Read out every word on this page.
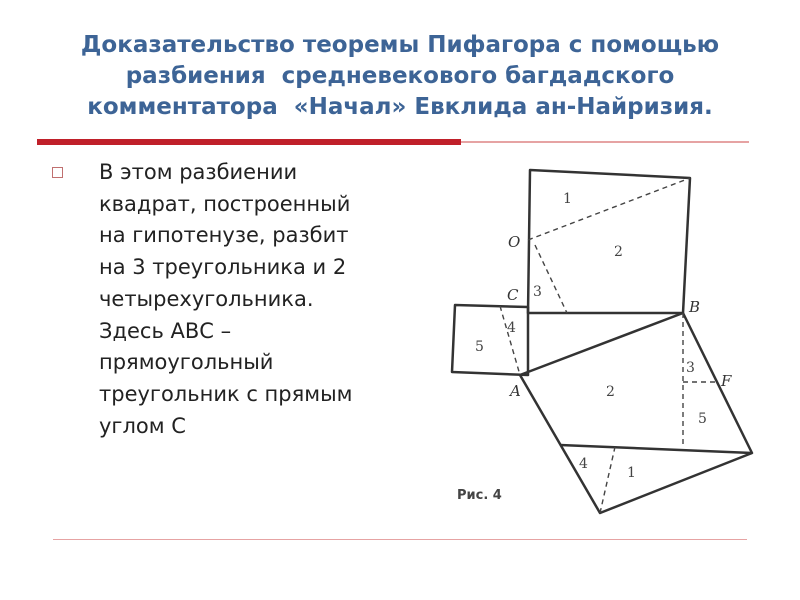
Доказательство теоремы Пифагора с помощью
разбиения  средневекового багдадского
комментатора  «Начал» Евклида ан-Найризия.
В этом разбиении
квадрат, построенный
на гипотенузе, разбит
на 3 треугольника и 2
четырехугольника.
Здесь АВС –
прямоугольный
треугольник с прямым
углом С
O
C
B
A
F
1
2
3
5
4
2
1
4
3
5
Рис. 4
